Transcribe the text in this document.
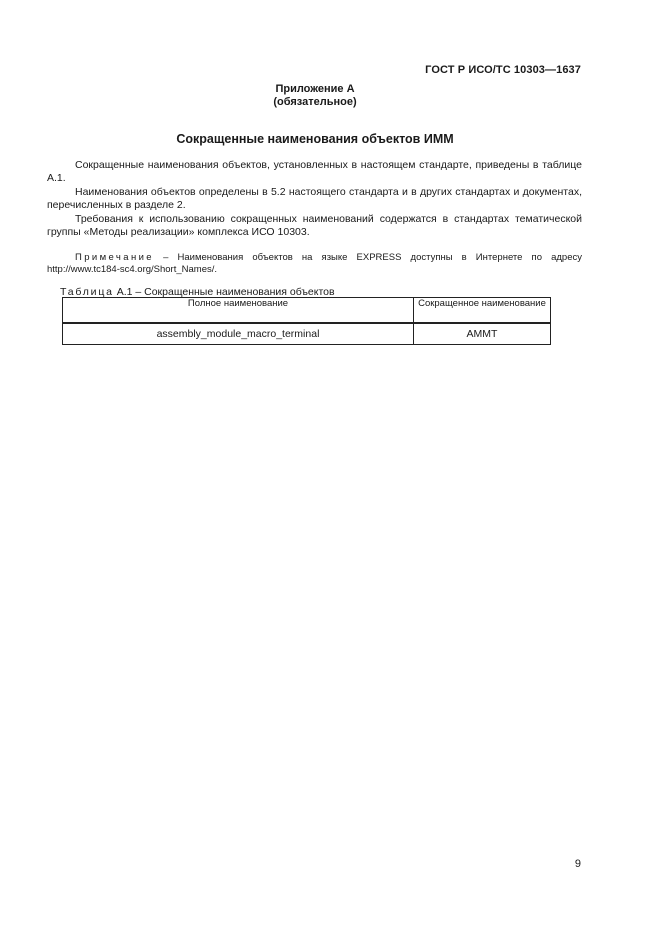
ГОСТ Р ИСО/ТС 10303—1637
Приложение А
(обязательное)
Сокращенные наименования объектов ИММ
Сокращенные наименования объектов, установленных в настоящем стандарте, приведены в таблице А.1.
Наименования объектов определены в 5.2 настоящего стандарта и в других стандартах и документах, перечисленных в разделе 2.
Требования к использованию сокращенных наименований содержатся в стандартах тематической группы «Методы реализации» комплекса ИСО 10303.
Примечание – Наименования объектов на языке EXPRESS доступны в Интернете по адресу http://www.tc184-sc4.org/Short_Names/.
Таблица А.1 – Сокращенные наименования объектов
Полное наименование	Сокращенное наименование
assembly_module_macro_terminal	AMMT
9
